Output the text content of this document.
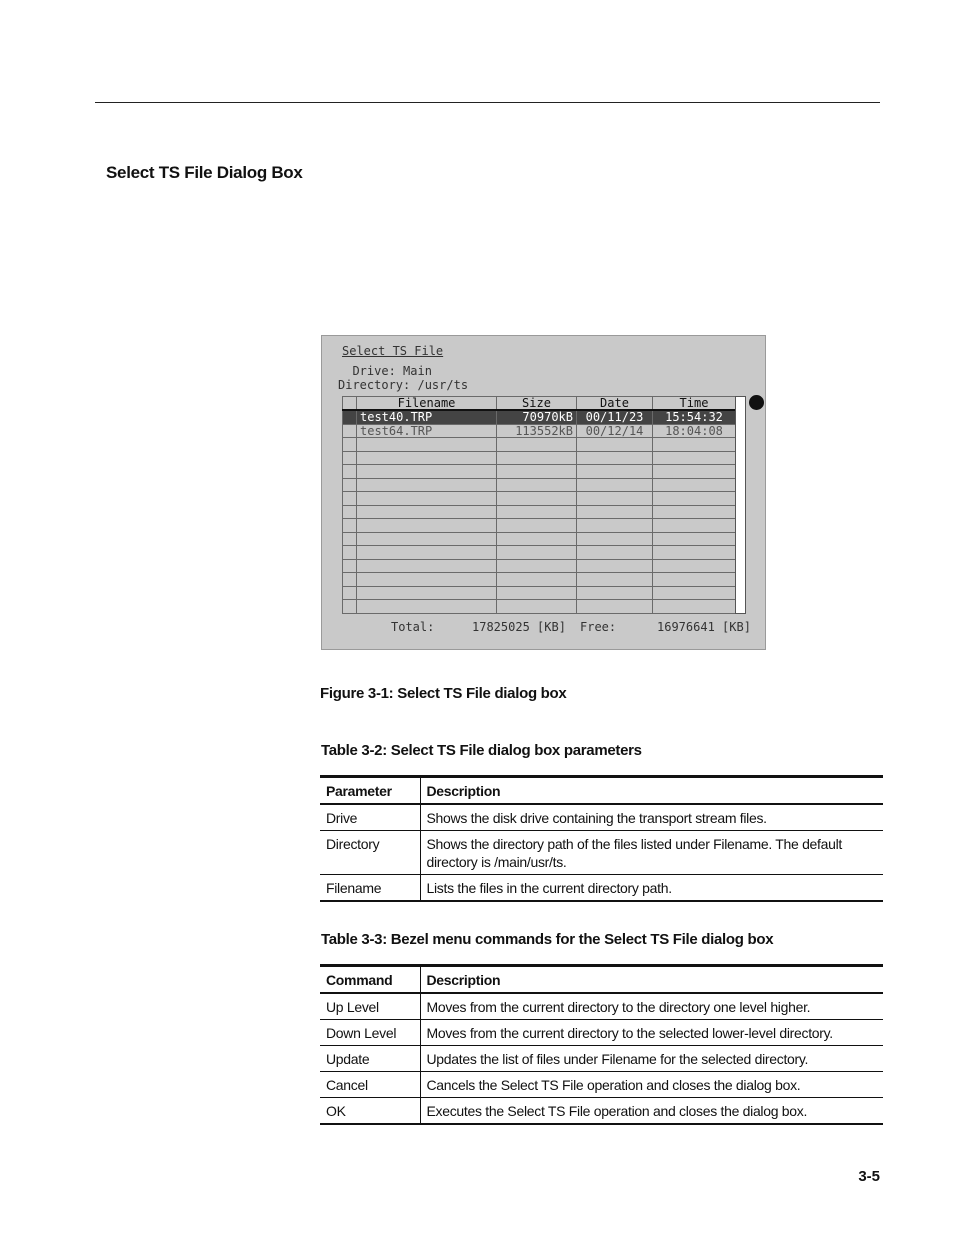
Select TS File Dialog Box
Select TS File
Drive: Main
Directory: /usr/ts
	Filename	Size	Date	Time
	test40.TRP	70970kB	00/11/23	15:54:32
	test64.TRP	113552kB	00/12/14	18:04:08

Total:	17825025 [KB] Free:	16976641 [KB]
Figure 3-1: Select TS File dialog box
Table 3-2: Select TS File dialog box parameters
Parameter	Description
Drive	Shows the disk drive containing the transport stream files.
Directory	Shows the directory path of the files listed under Filename. The default directory is /main/usr/ts.
Filename	Lists the files in the current directory path.
Table 3-3: Bezel menu commands for the Select TS File dialog box
Command	Description
Up Level	Moves from the current directory to the directory one level higher.
Down Level	Moves from the current directory to the selected lower-level directory.
Update	Updates the list of files under Filename for the selected directory.
Cancel	Cancels the Select TS File operation and closes the dialog box.
OK	Executes the Select TS File operation and closes the dialog box.
3-5
